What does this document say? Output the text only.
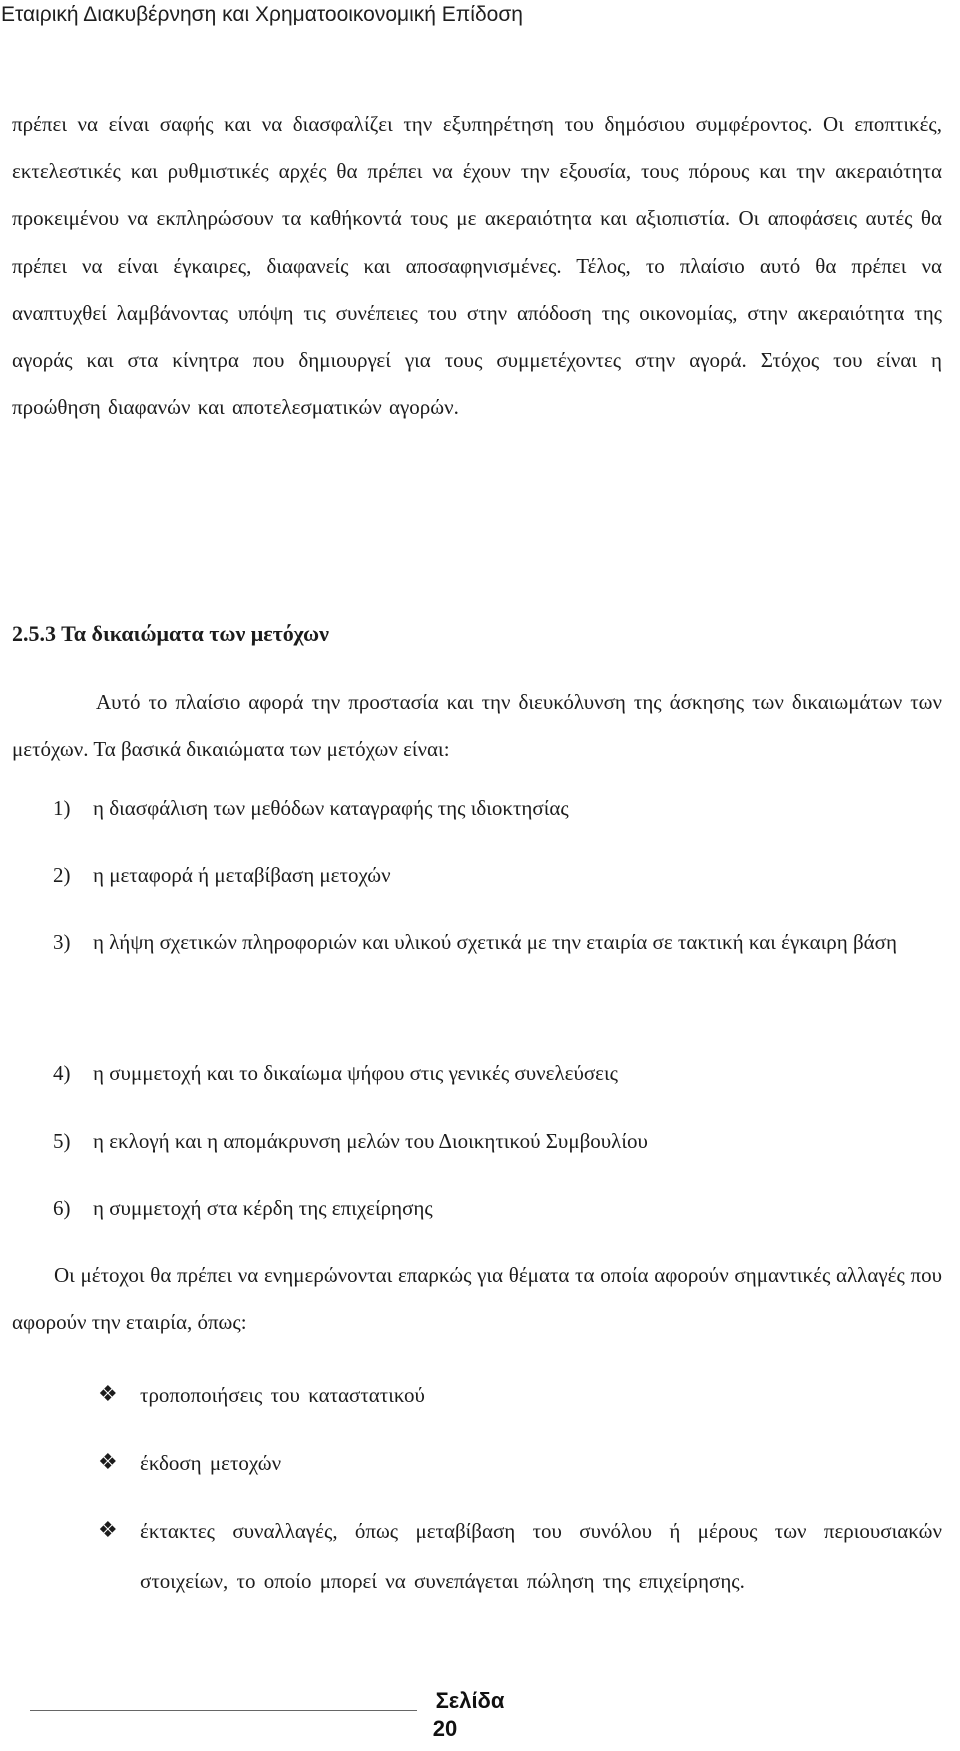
Εταιρική Διακυβέρνηση και Χρηματοοικονομική Επίδοση

πρέπει να είναι σαφής και να διασφαλίζει την εξυπηρέτηση του δημόσιου συμφέροντος. Οι εποπτικές, εκτελεστικές και ρυθμιστικές αρχές θα πρέπει να έχουν την εξουσία, τους πόρους και την ακεραιότητα προκειμένου να εκπληρώσουν τα καθήκοντά τους με ακεραιότητα και αξιοπιστία. Οι αποφάσεις αυτές θα πρέπει να είναι έγκαιρες, διαφανείς και αποσαφηνισμένες. Τέλος, το πλαίσιο αυτό θα πρέπει να αναπτυχθεί λαμβάνοντας υπόψη τις συνέπειες του στην απόδοση της οικονομίας, στην ακεραιότητα της αγοράς και στα κίνητρα που δημιουργεί για τους συμμετέχοντες στην αγορά. Στόχος του είναι η προώθηση διαφανών και αποτελεσματικών αγορών.

2.5.3 Τα δικαιώματα των μετόχων

Αυτό το πλαίσιο αφορά την προστασία και την διευκόλυνση της άσκησης των δικαιωμάτων των μετόχων. Τα βασικά δικαιώματα των μετόχων είναι:

1) η διασφάλιση των μεθόδων καταγραφής της ιδιοκτησίας
2) η μεταφορά ή μεταβίβαση μετοχών
3) η λήψη σχετικών πληροφοριών και υλικού σχετικά με την εταιρία σε τακτική και έγκαιρη βάση
4) η συμμετοχή και το δικαίωμα ψήφου στις γενικές συνελεύσεις
5) η εκλογή και η απομάκρυνση μελών του Διοικητικού Συμβουλίου
6) η συμμετοχή στα κέρδη της επιχείρησης

Οι μέτοχοι θα πρέπει να ενημερώνονται επαρκώς για θέματα τα οποία αφορούν σημαντικές αλλαγές που αφορούν την εταιρία, όπως:

❖ τροποποιήσεις του καταστατικού
❖ έκδοση μετοχών
❖ έκτακτες συναλλαγές, όπως μεταβίβαση του συνόλου ή μέρους των περιουσιακών στοιχείων, το οποίο μπορεί να συνεπάγεται πώληση της επιχείρησης.
Σελίδα
20
